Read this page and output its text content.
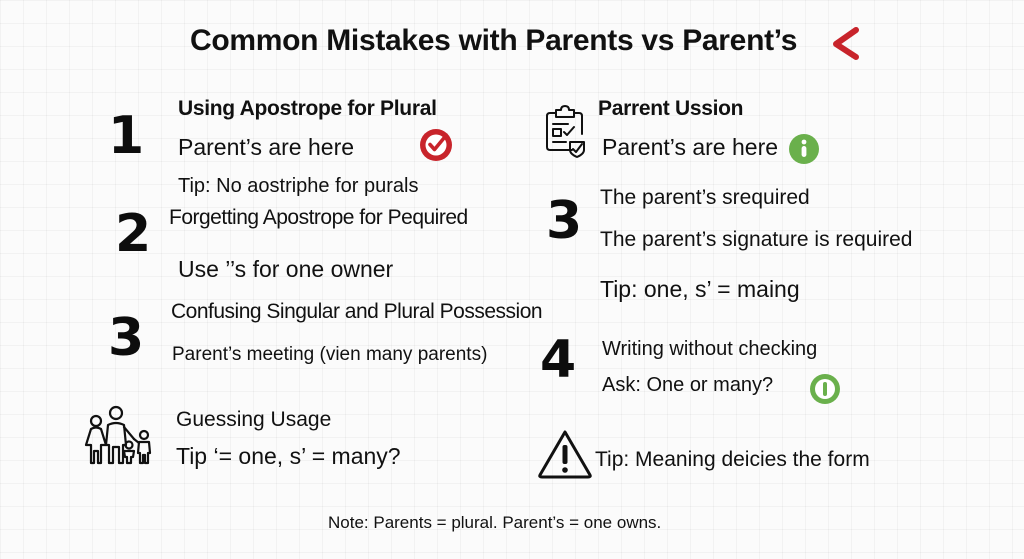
Common Mistakes with Parents vs Parent’s
1 Using Apostrope for Plural
Parent’s are here
Tip: No aostriphe for purals
2 Forgetting Apostrope for Pequired
Use ’’s for one owner
3 Confusing Singular and Plural Possession
Parent’s meeting (vien many parents)
Guessing Usage
Tip ‘= one, s’ = many?
Parrent Ussion
Parent’s are here
3 The parent’s srequired
The parent’s signature is required
Tip: one, s’ = maing
4 Writing without checking
Ask: One or many?
Tip: Meaning deicies the form
Note: Parents = plural. Parent’s = one owns.
